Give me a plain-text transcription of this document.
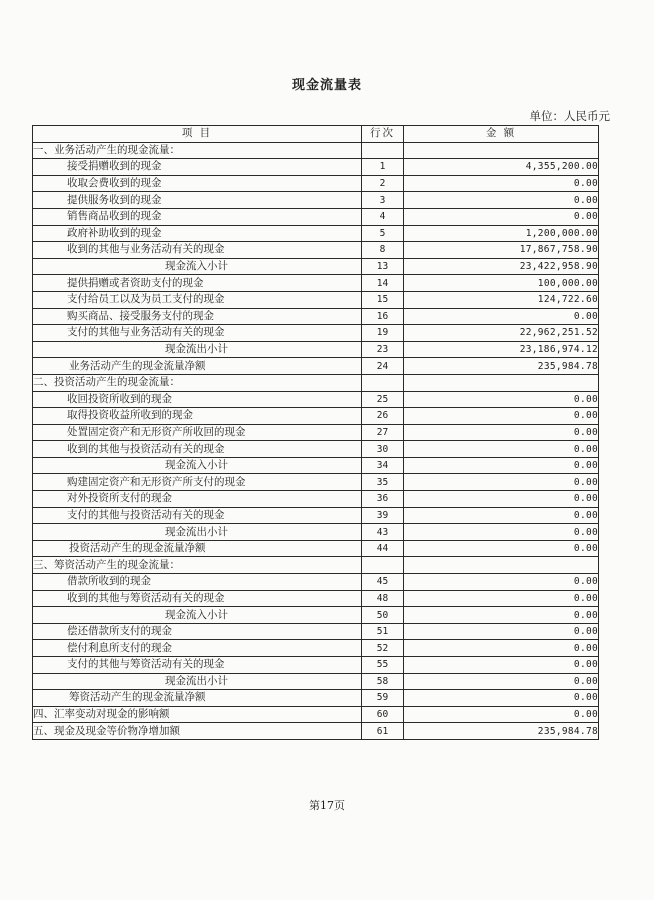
现金流量表
单位：人民币元
项 目	行次	金 额
一、业务活动产生的现金流量：		
接受捐赠收到的现金	1	4,355,200.00
收取会费收到的现金	2	0.00
提供服务收到的现金	3	0.00
销售商品收到的现金	4	0.00
政府补助收到的现金	5	1,200,000.00
收到的其他与业务活动有关的现金	8	17,867,758.90
现金流入小计	13	23,422,958.90
提供捐赠或者资助支付的现金	14	100,000.00
支付给员工以及为员工支付的现金	15	124,722.60
购买商品、接受服务支付的现金	16	0.00
支付的其他与业务活动有关的现金	19	22,962,251.52
现金流出小计	23	23,186,974.12
业务活动产生的现金流量净额	24	235,984.78
二、投资活动产生的现金流量：		
收回投资所收到的现金	25	0.00
取得投资收益所收到的现金	26	0.00
处置固定资产和无形资产所收回的现金	27	0.00
收到的其他与投资活动有关的现金	30	0.00
现金流入小计	34	0.00
购建固定资产和无形资产所支付的现金	35	0.00
对外投资所支付的现金	36	0.00
支付的其他与投资活动有关的现金	39	0.00
现金流出小计	43	0.00
投资活动产生的现金流量净额	44	0.00
三、筹资活动产生的现金流量：		
借款所收到的现金	45	0.00
收到的其他与筹资活动有关的现金	48	0.00
现金流入小计	50	0.00
偿还借款所支付的现金	51	0.00
偿付利息所支付的现金	52	0.00
支付的其他与筹资活动有关的现金	55	0.00
现金流出小计	58	0.00
筹资活动产生的现金流量净额	59	0.00
四、汇率变动对现金的影响额	60	0.00
五、现金及现金等价物净增加额	61	235,984.78
第17页
